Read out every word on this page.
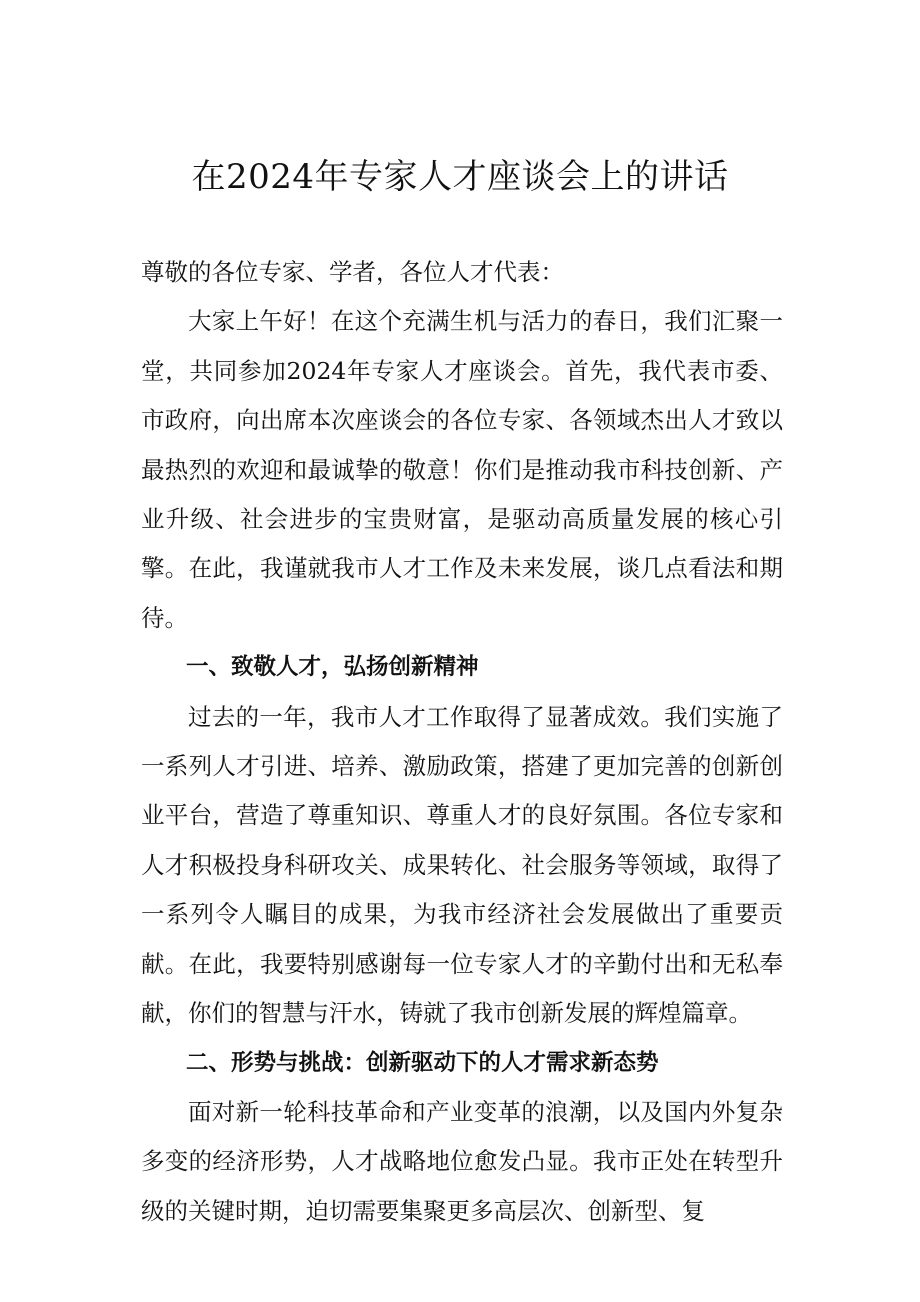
在2024年专家人才座谈会上的讲话

尊敬的各位专家、学者，各位人才代表：

大家上午好！在这个充满生机与活力的春日，我们汇聚一堂，共同参加2024年专家人才座谈会。首先，我代表市委、市政府，向出席本次座谈会的各位专家、各领域杰出人才致以最热烈的欢迎和最诚挚的敬意！你们是推动我市科技创新、产业升级、社会进步的宝贵财富，是驱动高质量发展的核心引擎。在此，我谨就我市人才工作及未来发展，谈几点看法和期待。

一、致敬人才，弘扬创新精神

过去的一年，我市人才工作取得了显著成效。我们实施了一系列人才引进、培养、激励政策，搭建了更加完善的创新创业平台，营造了尊重知识、尊重人才的良好氛围。各位专家和人才积极投身科研攻关、成果转化、社会服务等领域，取得了一系列令人瞩目的成果，为我市经济社会发展做出了重要贡献。在此，我要特别感谢每一位专家人才的辛勤付出和无私奉献，你们的智慧与汗水，铸就了我市创新发展的辉煌篇章。

二、形势与挑战：创新驱动下的人才需求新态势

面对新一轮科技革命和产业变革的浪潮，以及国内外复杂多变的经济形势，人才战略地位愈发凸显。我市正处在转型升级的关键时期，迫切需要集聚更多高层次、创新型、复
